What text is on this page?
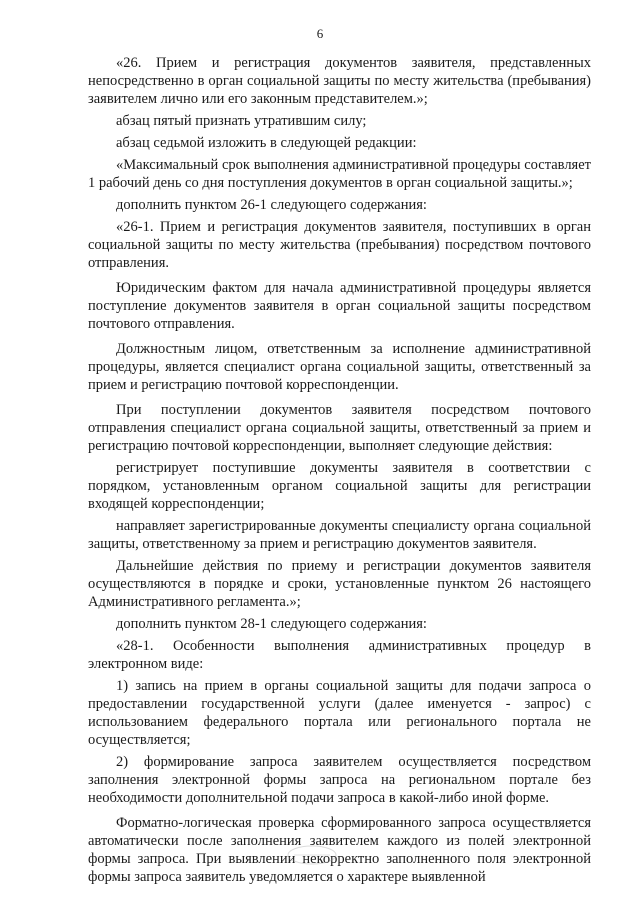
6

«26. Прием и регистрация документов заявителя, представленных непосредственно в орган социальной защиты по месту жительства (пребывания) заявителем лично или его законным представителем.»;

абзац пятый признать утратившим силу;

абзац седьмой изложить в следующей редакции:

«Максимальный срок выполнения административной процедуры составляет 1 рабочий день со дня поступления документов в орган социальной защиты.»;

дополнить пунктом 26-1 следующего содержания:

«26-1. Прием и регистрация документов заявителя, поступивших в орган социальной защиты по месту жительства (пребывания) посредством почтового отправления.

Юридическим фактом для начала административной процедуры является поступление документов заявителя в орган социальной защиты посредством почтового отправления.

Должностным лицом, ответственным за исполнение административной процедуры, является специалист органа социальной защиты, ответственный за прием и регистрацию почтовой корреспонденции.

При поступлении документов заявителя посредством почтового отправления специалист органа социальной защиты, ответственный за прием и регистрацию почтовой корреспонденции, выполняет следующие действия:

регистрирует поступившие документы заявителя в соответствии с порядком, установленным органом социальной защиты для регистрации входящей корреспонденции;

направляет зарегистрированные документы специалисту органа социальной защиты, ответственному за прием и регистрацию документов заявителя.

Дальнейшие действия по приему и регистрации документов заявителя осуществляются в порядке и сроки, установленные пунктом 26 настоящего Административного регламента.»;

дополнить пунктом 28-1 следующего содержания:

«28-1. Особенности выполнения административных процедур в электронном виде:

1) запись на прием в органы социальной защиты для подачи запроса о предоставлении государственной услуги (далее именуется - запрос) с использованием федерального портала или регионального портала не осуществляется;

2) формирование запроса заявителем осуществляется посредством заполнения электронной формы запроса на региональном портале без необходимости дополнительной подачи запроса в какой-либо иной форме.

Форматно-логическая проверка сформированного запроса осуществляется автоматически после заполнения заявителем каждого из полей электронной формы запроса. При выявлении некорректно заполненного поля электронной формы запроса заявитель уведомляется о характере выявленной
